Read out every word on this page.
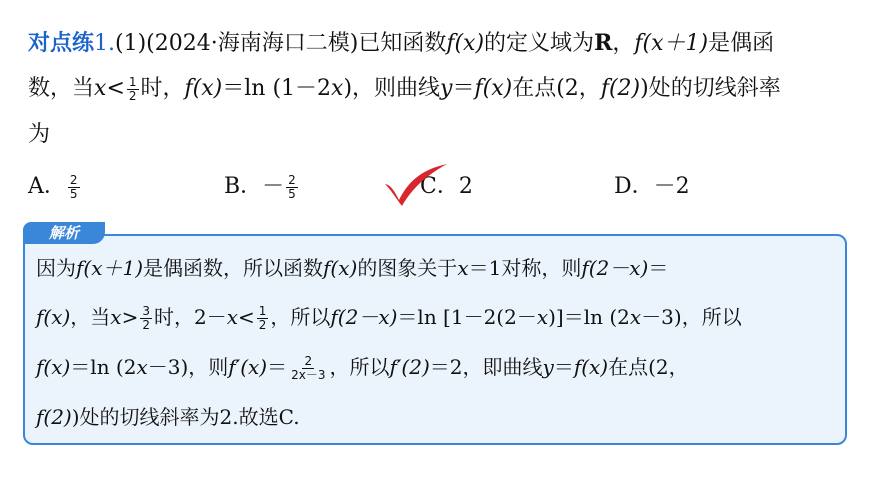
对点练1.(1)(2024·海南海口二模)已知函数f(x)的定义域为R，f(x＋1)是偶函
数，当$x< \frac{1}{2}$ 时，f(x)＝ln (1－2x)，则曲线y＝f(x)在点(2，f(2))处的切线斜率
为
A． $\frac{2}{5}$	B．－ $\frac{2}{5}$	C．2	D．－2
解析
因为f(x＋1)是偶函数，所以函数f(x)的图象关于x＝1对称，则f(2－x)＝
f(x)，当$x> \frac{3}{2}$ 时，$2-x< \frac{1}{2}$ ，所以f(2－x)＝ln [1－2(2－x)]＝ln (2x－3)，所以
f(x)＝ln (2x－3)，则$f'(x)= \frac{2}{2x-3}$ ，所以f′(2)＝2，即曲线y＝f(x)在点(2，
f(2))处的切线斜率为2.故选C.
